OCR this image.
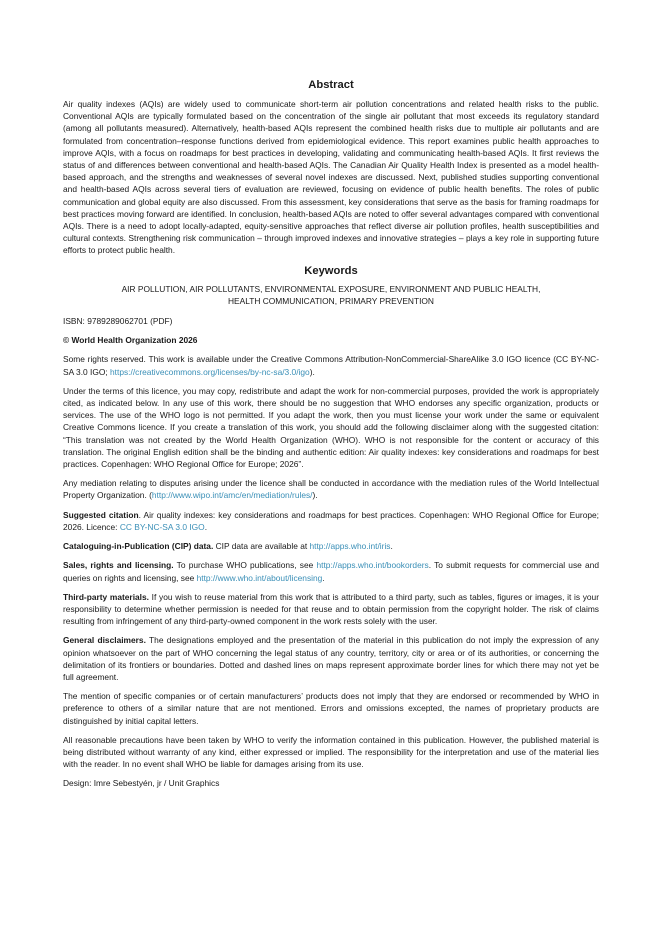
Abstract

Air quality indexes (AQIs) are widely used to communicate short-term air pollution concentrations and related health risks to the public. Conventional AQIs are typically formulated based on the concentration of the single air pollutant that most exceeds its regulatory standard (among all pollutants measured). Alternatively, health-based AQIs represent the combined health risks due to multiple air pollutants and are formulated from concentration–response functions derived from epidemiological evidence. This report examines public health approaches to improve AQIs, with a focus on roadmaps for best practices in developing, validating and communicating health-based AQIs. It first reviews the status of and differences between conventional and health-based AQIs. The Canadian Air Quality Health Index is presented as a model health-based approach, and the strengths and weaknesses of several novel indexes are discussed. Next, published studies supporting conventional and health-based AQIs across several tiers of evaluation are reviewed, focusing on evidence of public health benefits. The roles of public communication and global equity are also discussed. From this assessment, key considerations that serve as the basis for framing roadmaps for best practices moving forward are identified. In conclusion, health-based AQIs are noted to offer several advantages compared with conventional AQIs. There is a need to adopt locally-adapted, equity-sensitive approaches that reflect diverse air pollution profiles, health susceptibilities and cultural contexts. Strengthening risk communication – through improved indexes and innovative strategies – plays a key role in supporting future efforts to protect public health.

Keywords
AIR POLLUTION, AIR POLLUTANTS, ENVIRONMENTAL EXPOSURE, ENVIRONMENT AND PUBLIC HEALTH,
HEALTH COMMUNICATION, PRIMARY PREVENTION

ISBN: 9789289062701 (PDF)

© World Health Organization 2026

Some rights reserved. This work is available under the Creative Commons Attribution-NonCommercial-ShareAlike 3.0 IGO licence (CC BY-NC-SA 3.0 IGO; https://creativecommons.org/licenses/by-nc-sa/3.0/igo).

Under the terms of this licence, you may copy, redistribute and adapt the work for non-commercial purposes, provided the work is appropriately cited, as indicated below. In any use of this work, there should be no suggestion that WHO endorses any specific organization, products or services. The use of the WHO logo is not permitted. If you adapt the work, then you must license your work under the same or equivalent Creative Commons licence. If you create a translation of this work, you should add the following disclaimer along with the suggested citation: “This translation was not created by the World Health Organization (WHO). WHO is not responsible for the content or accuracy of this translation. The original English edition shall be the binding and authentic edition: Air quality indexes: key considerations and roadmaps for best practices. Copenhagen: WHO Regional Office for Europe; 2026”.

Any mediation relating to disputes arising under the licence shall be conducted in accordance with the mediation rules of the World Intellectual Property Organization. (http://www.wipo.int/amc/en/mediation/rules/).

Suggested citation. Air quality indexes: key considerations and roadmaps for best practices. Copenhagen: WHO Regional Office for Europe; 2026. Licence: CC BY-NC-SA 3.0 IGO.

Cataloguing-in-Publication (CIP) data. CIP data are available at http://apps.who.int/iris.

Sales, rights and licensing. To purchase WHO publications, see http://apps.who.int/bookorders. To submit requests for commercial use and queries on rights and licensing, see http://www.who.int/about/licensing.

Third-party materials. If you wish to reuse material from this work that is attributed to a third party, such as tables, figures or images, it is your responsibility to determine whether permission is needed for that reuse and to obtain permission from the copyright holder. The risk of claims resulting from infringement of any third-party-owned component in the work rests solely with the user.

General disclaimers. The designations employed and the presentation of the material in this publication do not imply the expression of any opinion whatsoever on the part of WHO concerning the legal status of any country, territory, city or area or of its authorities, or concerning the delimitation of its frontiers or boundaries. Dotted and dashed lines on maps represent approximate border lines for which there may not yet be full agreement.

The mention of specific companies or of certain manufacturers’ products does not imply that they are endorsed or recommended by WHO in preference to others of a similar nature that are not mentioned. Errors and omissions excepted, the names of proprietary products are distinguished by initial capital letters.

All reasonable precautions have been taken by WHO to verify the information contained in this publication. However, the published material is being distributed without warranty of any kind, either expressed or implied. The responsibility for the interpretation and use of the material lies with the reader. In no event shall WHO be liable for damages arising from its use.

Design: Imre Sebestyén, jr / Unit Graphics
